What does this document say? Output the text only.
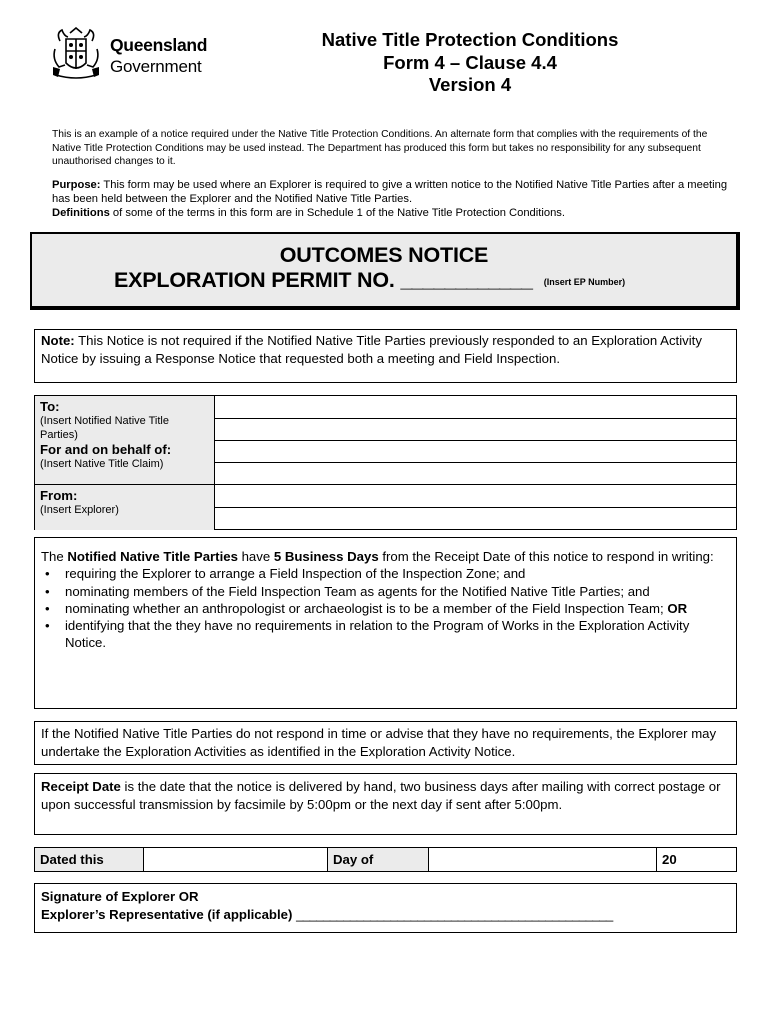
Queensland
Government
Native Title Protection Conditions
Form 4 – Clause 4.4
Version 4
This is an example of a notice required under the Native Title Protection Conditions. An alternate form that complies with the requirements of the Native Title Protection Conditions may be used instead. The Department has produced this form but takes no responsibility for any subsequent unauthorised changes to it.
Purpose: This form may be used where an Explorer is required to give a written notice to the Notified Native Title Parties after a meeting has been held between the Explorer and the Notified Native Title Parties.
Definitions of some of the terms in this form are in Schedule 1 of the Native Title Protection Conditions.
OUTCOMES NOTICE
EXPLORATION PERMIT NO. ____________ (Insert EP Number)
Note: This Notice is not required if the Notified Native Title Parties previously responded to an Exploration Activity Notice by issuing a Response Notice that requested both a meeting and Field Inspection.
To:
(Insert Notified Native Title Parties)
For and on behalf of:
(Insert Native Title Claim)
From:
(Insert Explorer)
The Notified Native Title Parties have 5 Business Days from the Receipt Date of this notice to respond in writing:
• requiring the Explorer to arrange a Field Inspection of the Inspection Zone; and
• nominating members of the Field Inspection Team as agents for the Notified Native Title Parties; and
• nominating whether an anthropologist or archaeologist is to be a member of the Field Inspection Team; OR
• identifying that the they have no requirements in relation to the Program of Works in the Exploration Activity Notice.
If the Notified Native Title Parties do not respond in time or advise that they have no requirements, the Explorer may undertake the Exploration Activities as identified in the Exploration Activity Notice.
Receipt Date is the date that the notice is delivered by hand, two business days after mailing with correct postage or upon successful transmission by facsimile by 5:00pm or the next day if sent after 5:00pm.
Dated this	Day of	20
Signature of Explorer OR
Explorer’s Representative (if applicable) _______________________________________________
